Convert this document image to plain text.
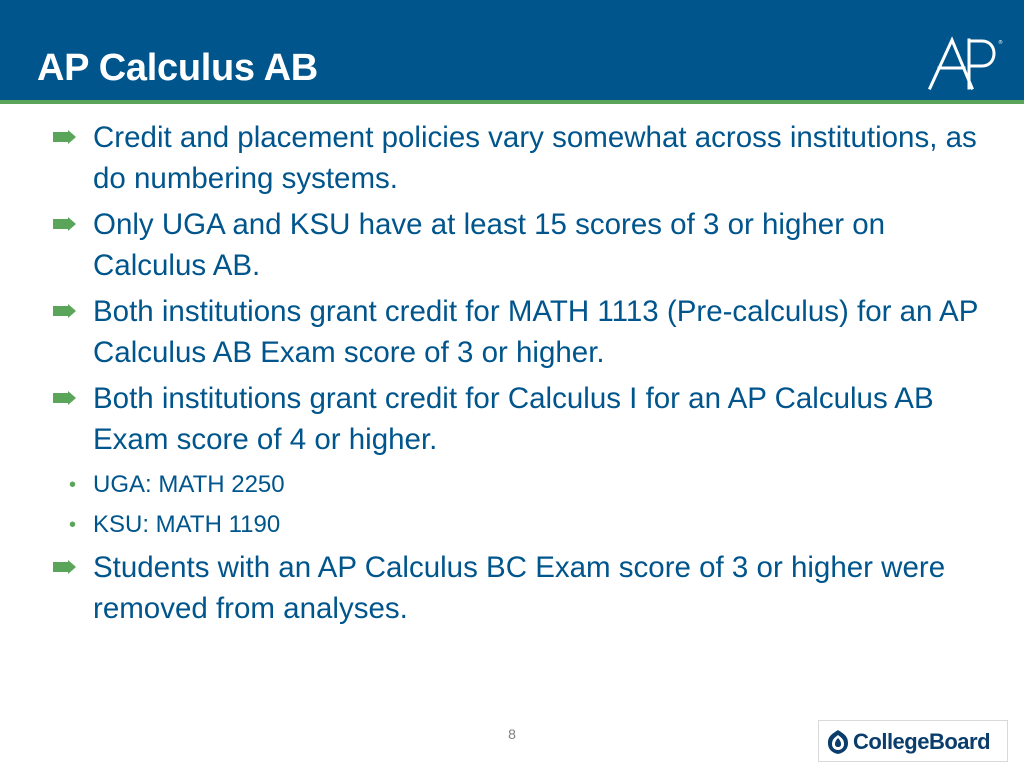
AP Calculus AB
®
Credit and placement policies vary somewhat across institutions, as do numbering systems.
Only UGA and KSU have at least 15 scores of 3 or higher on Calculus AB.
Both institutions grant credit for MATH 1113 (Pre-calculus) for an AP Calculus AB Exam score of 3 or higher.
Both institutions grant credit for Calculus I for an AP Calculus AB Exam score of 4 or higher.
• UGA: MATH 2250
• KSU: MATH 1190
Students with an AP Calculus BC Exam score of 3 or higher were removed from analyses.
8	CollegeBoard
